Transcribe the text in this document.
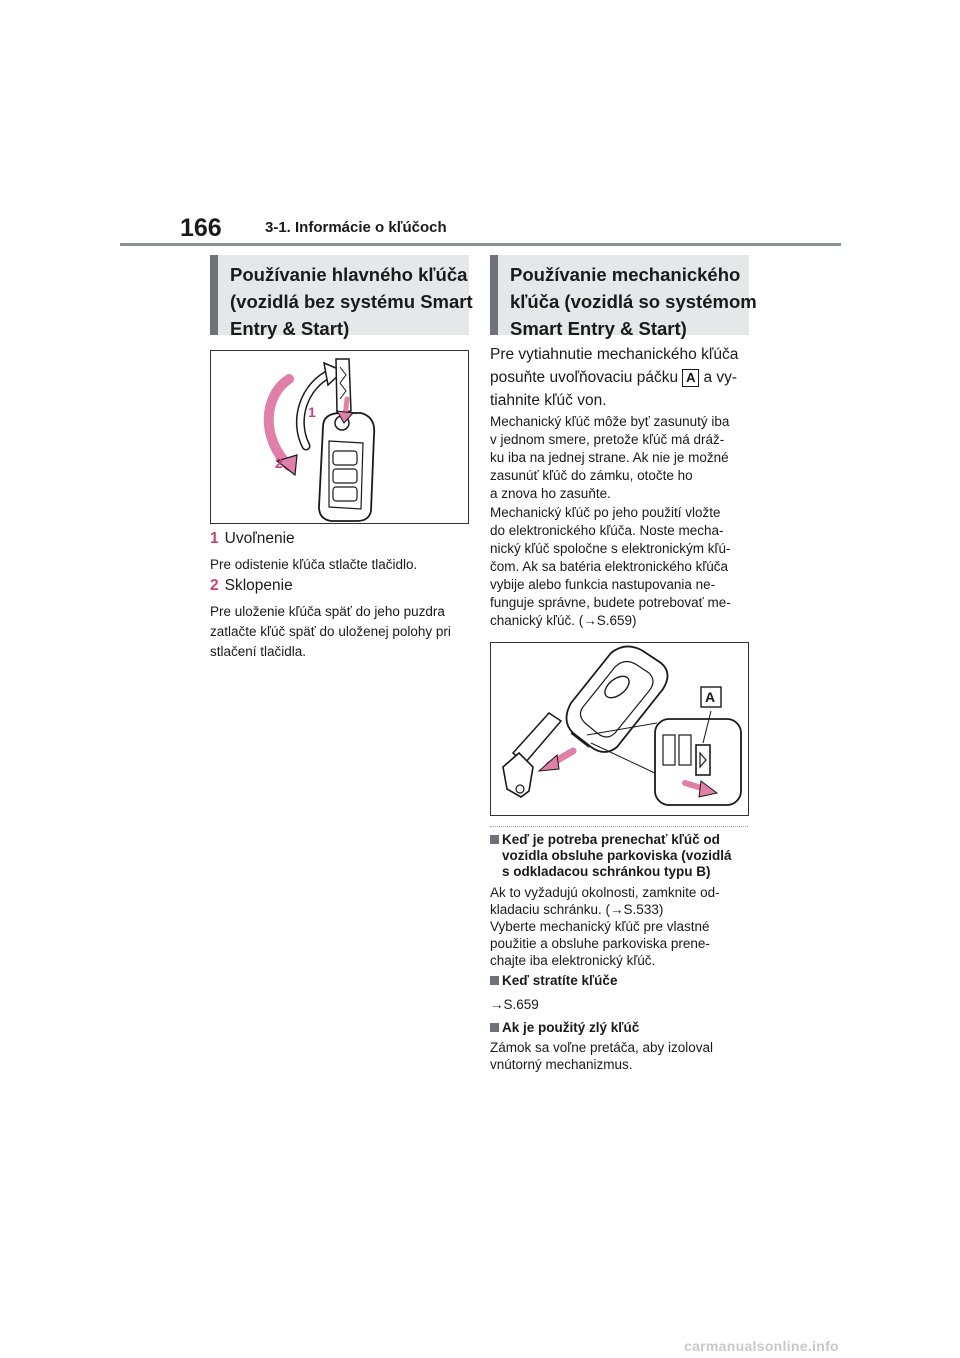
166	3-1. Informácie o kľúčoch
Používanie hlavného kľúča
(vozidlá bez systému Smart
Entry & Start)
1
2
1 Uvoľnenie
Pre odistenie kľúča stlačte tlačidlo.
2 Sklopenie
Pre uloženie kľúča späť do jeho puzdra
zatlačte kľúč späť do uloženej polohy pri
stlačení tlačidla.
Používanie mechanického
kľúča (vozidlá so systémom
Smart Entry & Start)
Pre vytiahnutie mechanického kľúča
posuňte uvoľňovaciu páčku A a vy-
tiahnite kľúč von.
Mechanický kľúč môže byť zasunutý iba
v jednom smere, pretože kľúč má dráž-
ku iba na jednej strane. Ak nie je možné
zasunúť kľúč do zámku, otočte ho
a znova ho zasuňte.
Mechanický kľúč po jeho použití vložte
do elektronického kľúča. Noste mecha-
nický kľúč spoločne s elektronickým kľú-
čom. Ak sa batéria elektronického kľúča
vybije alebo funkcia nastupovania ne-
funguje správne, budete potrebovať me-
chanický kľúč. (→S.659)
A
Keď je potreba prenechať kľúč od
vozidla obsluhe parkoviska (vozidlá
s odkladacou schránkou typu B)
Ak to vyžadujú okolnosti, zamknite od-
kladaciu schránku. (→S.533)
Vyberte mechanický kľúč pre vlastné
použitie a obsluhe parkoviska prene-
chajte iba elektronický kľúč.
Keď stratíte kľúče
→S.659
Ak je použitý zlý kľúč
Zámok sa voľne pretáča, aby izoloval
vnútorný mechanizmus.
carmanualsonline.info
